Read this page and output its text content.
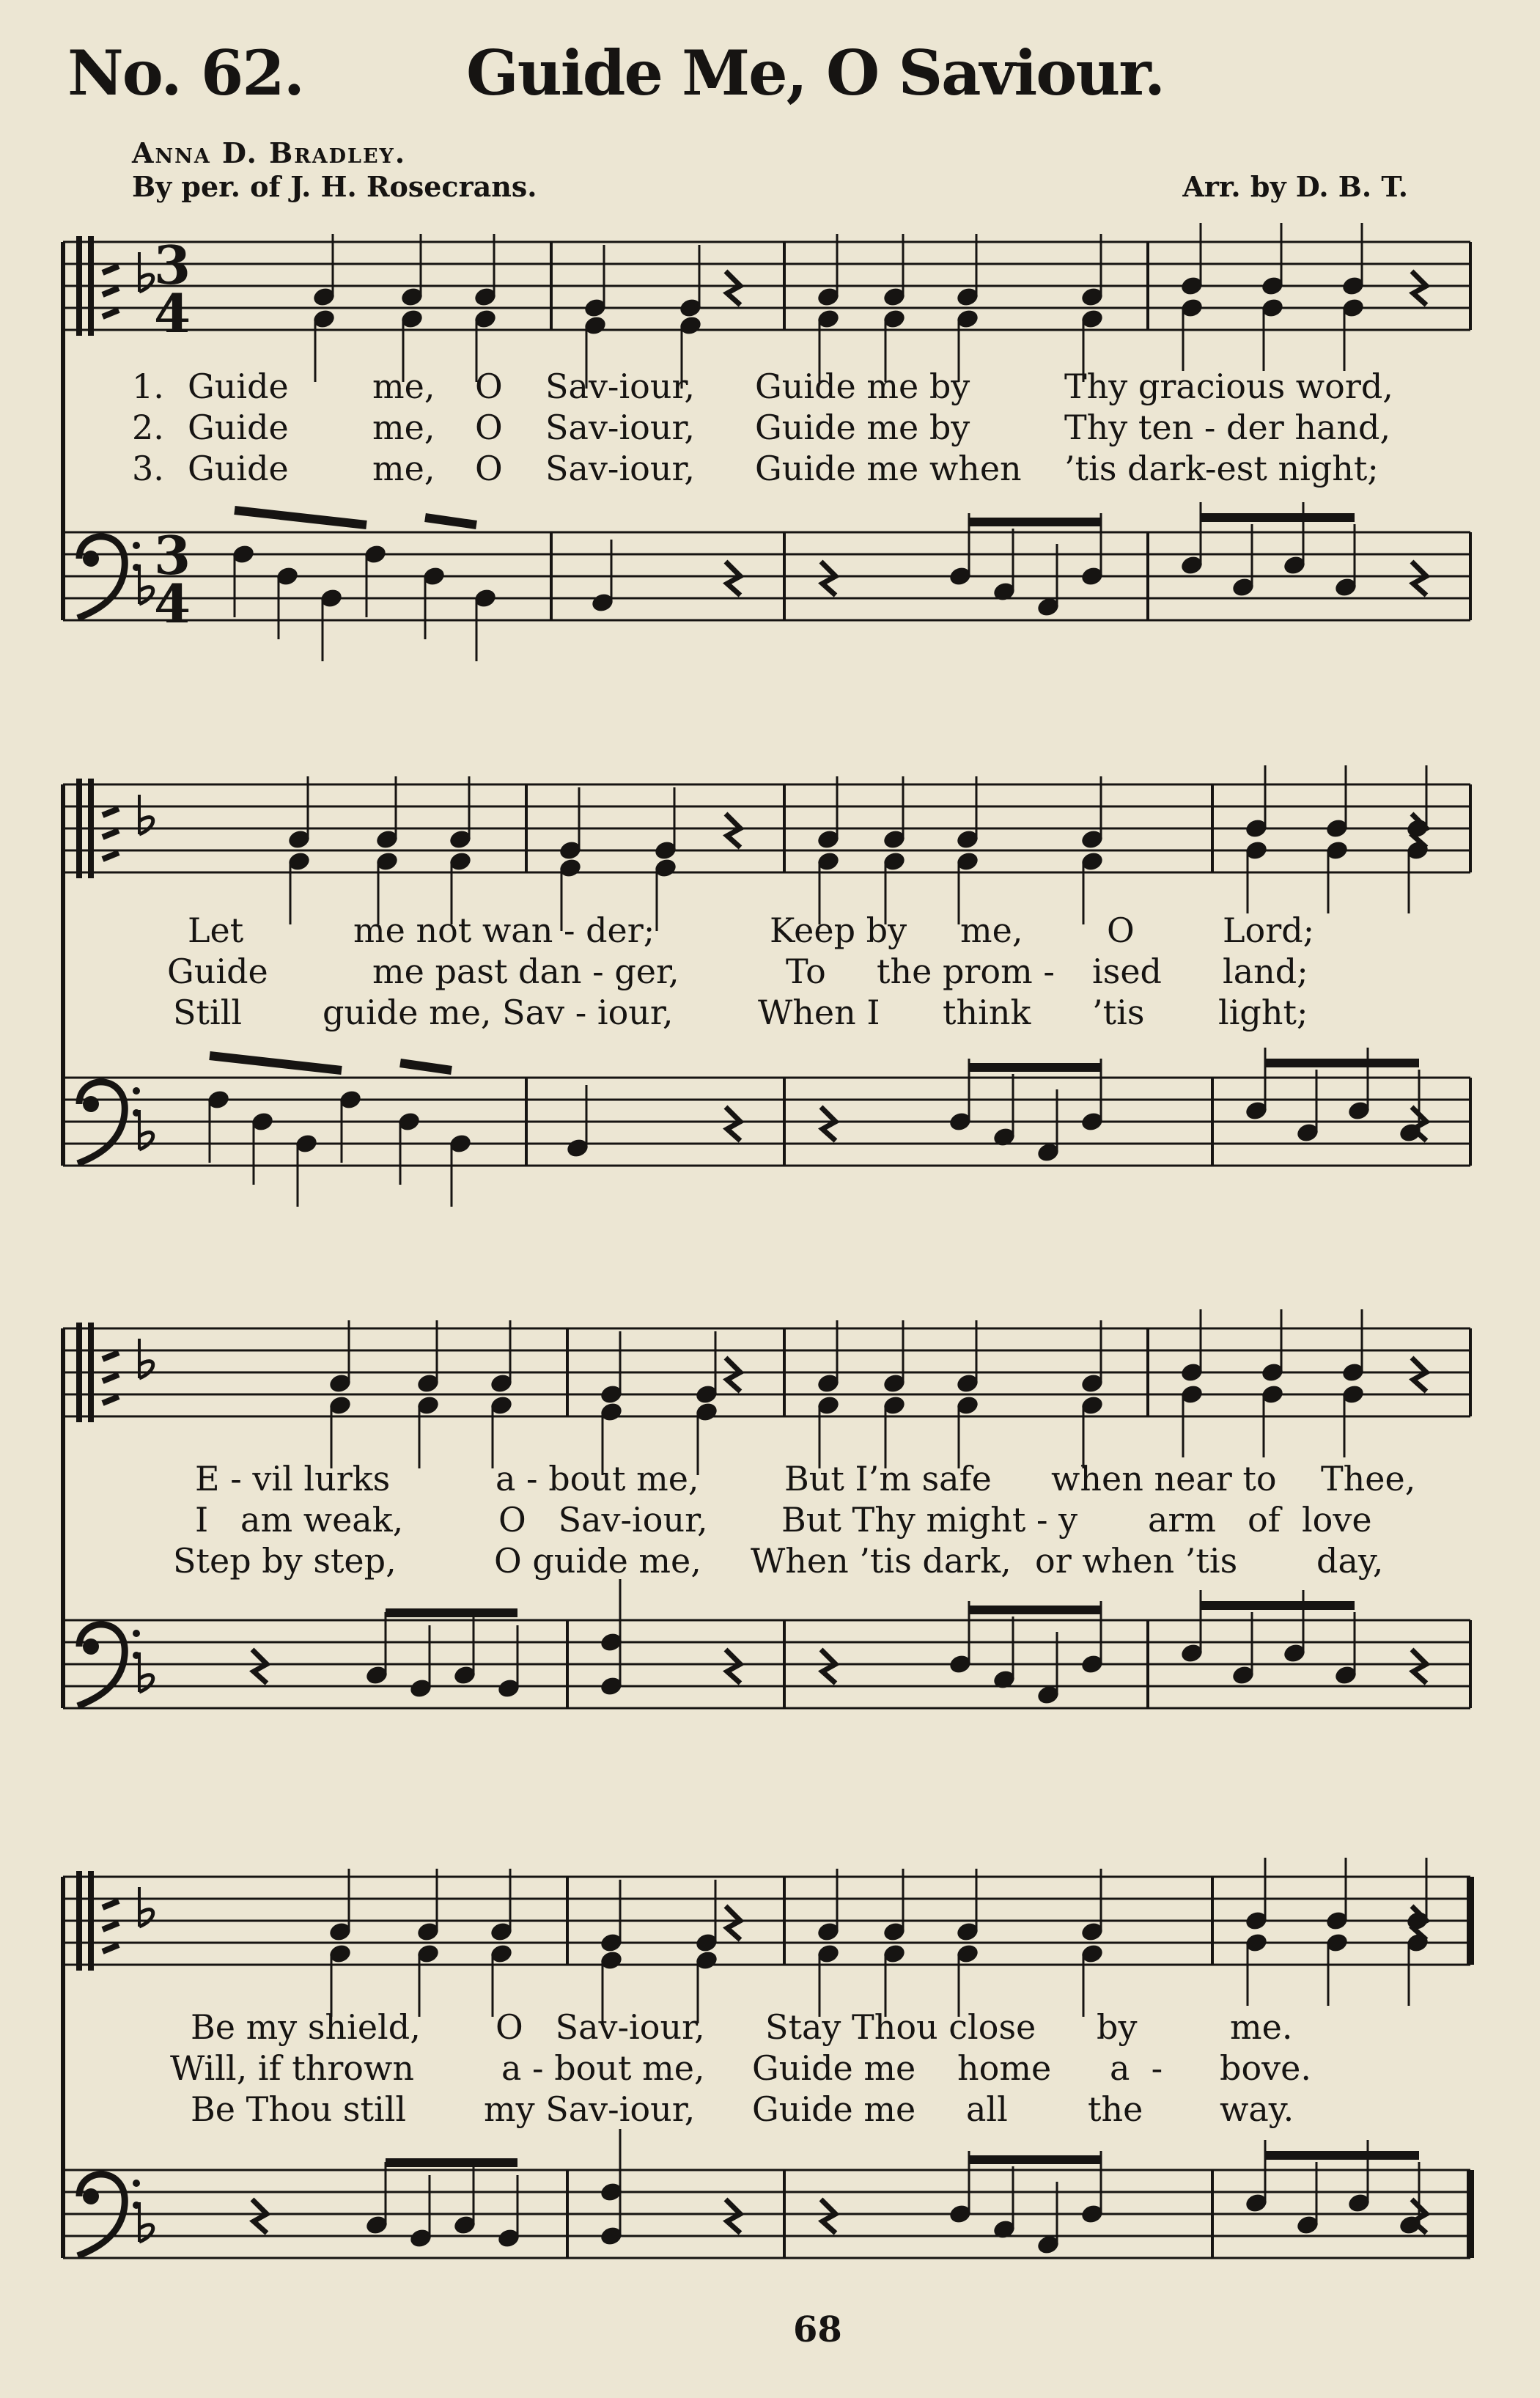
No. 62.	Guide Me, O Saviour.
Anna D. Bradley.
By per. of J. H. Rosecrans.	Arr. by D. B. T.
3
4
3
4
1. Guide me, O Sav-iour, Guide me by	Thy gracious word,
2. Guide me, O Sav-iour, Guide me by	Thy ten - der hand,
3. Guide me, O Sav-iour, Guide me when ’tis dark-est night;
Let	me not wan - der;	Keep by me, O	Lord;
Guide	me past dan - ger,	To the prom - ised land;
Still guide me, Sav - iour,	When I think ’tis light;
E - vil lurks	a - bout me,	But I’m safe when near to Thee,
I   am weak,	O   Sav-iour, But Thy might - y arm of  love
Step by step,	O guide me, When ’tis dark, or when ’tis day,
Be my shield, O   Sav-iour, Stay Thou close by	me.
Will, if thrown	a - bout me, Guide me home a  - bove.
Be Thou still my Sav-iour, Guide me all the way.
68
